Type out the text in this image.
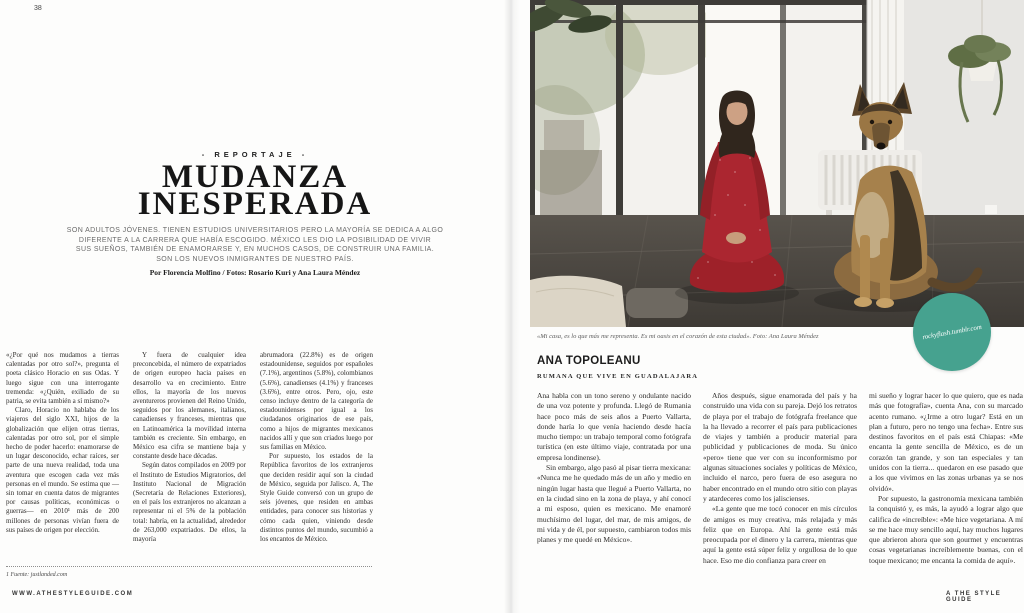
38
- REPORTAJE -
MUDANZA
INESPERADA
SON ADULTOS JÓVENES. TIENEN ESTUDIOS UNIVERSITARIOS PERO LA MAYORÍA SE DEDICA A ALGO
DIFERENTE A LA CARRERA QUE HABÍA ESCOGIDO. MÉXICO LES DIO LA POSIBILIDAD DE VIVIR
SUS SUEÑOS, TAMBIÉN DE ENAMORARSE Y, EN MUCHOS CASOS, DE CONSTRUIR UNA FAMILIA.
SON LOS NUEVOS INMIGRANTES DE NUESTRO PAÍS.
Por Florencia Molfino / Fotos: Rosario Kuri y Ana Laura Méndez

«¿Por qué nos mudamos a tierras calentadas por otro sol?», pregunta el poeta clásico Horacio en sus Odas. Y luego sigue con una interrogante tremenda: «¿Quién, exiliado de su patria, se evita también a sí mismo?»

Claro, Horacio no hablaba de los viajeros del siglo XXI, hijos de la globalización que elijen otras tierras, calentadas por otro sol, por el simple hecho de poder hacerlo: enamorarse de un lugar desconocido, echar raíces, ser parte de una nueva realidad, toda una aventura que escogen cada vez más personas en el mundo. Se estima que —sin tomar en cuenta datos de migrantes por causas políticas, económicas o guerras— en 2010¹ más de 200 millones de personas vivían fuera de sus países de origen por elección.

Y fuera de cualquier idea preconcebida, el número de expatriados de origen europeo hacia países en desarrollo va en crecimiento. Entre ellos, la mayoría de los nuevos aventureros provienen del Reino Unido, seguidos por los alemanes, italianos, canadienses y franceses, mientras que en Latinoamérica la movilidad interna también es creciente. Sin embargo, en México esa cifra se mantiene baja y constante desde hace décadas.

Según datos compilados en 2009 por el Instituto de Estudios Migratorios, del Instituto Nacional de Migración (Secretaría de Relaciones Exteriores), en el país los extranjeros no alcanzan a representar ni el 5% de la población total: habría, en la actualidad, alrededor de 263,000 expatriados. De ellos, la mayoría

abrumadora (22.8%) es de origen estadounidense, seguidos por españoles (7.1%), argentinos (5.8%), colombianos (5.6%), canadienses (4.1%) y franceses (3.6%), entre otros. Pero, ojo, este censo incluye dentro de la categoría de estadounidenses por igual a los ciudadanos originarios de ese país, como a hijos de migrantes mexicanos nacidos allí y que son criados luego por sus familias en México.

Por supuesto, los estados de la República favoritos de los extranjeros que deciden residir aquí son la ciudad de México, seguida por Jalisco. A, The Style Guide conversó con un grupo de seis jóvenes, que residen en ambas entidades, para conocer sus historias y cómo cada quien, viniendo desde distintos puntos del mundo, sucumbió a los encantos de México.

1 Fuente: justlanded.com
WWW.ATHESTYLEGUIDE.COM
rockyflash.tumblr.com
«Mi casa, es lo que más me representa. Es mi oasis en el corazón de esta ciudad». Foto: Ana Laura Méndez
ANA TOPOLEANU
RUMANA QUE VIVE EN GUADALAJARA

Ana habla con un tono sereno y ondulante nacido de una voz potente y profunda. Llegó de Rumania hace poco más de seis años a Puerto Vallarta, donde haría lo que venía haciendo desde hacía mucho tiempo: un trabajo temporal como fotógrafa turística (en este último viaje, contratada por una empresa londinense).

Sin embargo, algo pasó al pisar tierra mexicana: «Nunca me he quedado más de un año y medio en ningún lugar hasta que llegué a Puerto Vallarta, no en la ciudad sino en la zona de playa, y ahí conocí a mi esposo, quien es mexicano. Me enamoré muchísimo del lugar, del mar, de mis amigos, de mi vida y de él, por supuesto, cambiaron todos mis planes y me quedé en México».

Años después, sigue enamorada del país y ha construido una vida con su pareja. Dejó los retratos de playa por el trabajo de fotógrafa freelance que la ha llevado a recorrer el país para publicaciones de viajes y también a producir material para publicidad y publicaciones de moda. Su único «pero» tiene que ver con su inconformismo por algunas situaciones sociales y políticas de México, incluido el narco, pero fuera de eso asegura no haber encontrado en el mundo otro sitio con playas y atardeceres como los jaliscienses.

«La gente que me tocó conocer en mis círculos de amigos es muy creativa, más relajada y más feliz que en Europa. Ahí la gente está más preocupada por el dinero y la carrera, mientras que aquí la gente está súper feliz y orgullosa de lo que hace. Eso me dio confianza para creer en

mi sueño y lograr hacer lo que quiero, que es nada más que fotografía», cuenta Ana, con su marcado acento rumano. «¿Irme a otro lugar? Está en un plan a futuro, pero no tengo una fecha». Entre sus destinos favoritos en el país está Chiapas: «Me encanta la gente sencilla de México, es de un corazón tan grande, y son tan especiales y tan unidos con la tierra... quedaron en ese pasado que a los que vivimos en las zonas urbanas ya se nos olvidó».

Por supuesto, la gastronomía mexicana también la conquistó y, es más, la ayudó a lograr algo que califica de «increíble»: «Me hice vegetariana. A mí se me hace muy sencillo aquí, hay muchos lugares que abrieron ahora que son gourmet y encuentras cosas vegetarianas increíblemente buenas, con el toque mexicano; me encanta la comida de aquí».

A THE STYLE GUIDE
